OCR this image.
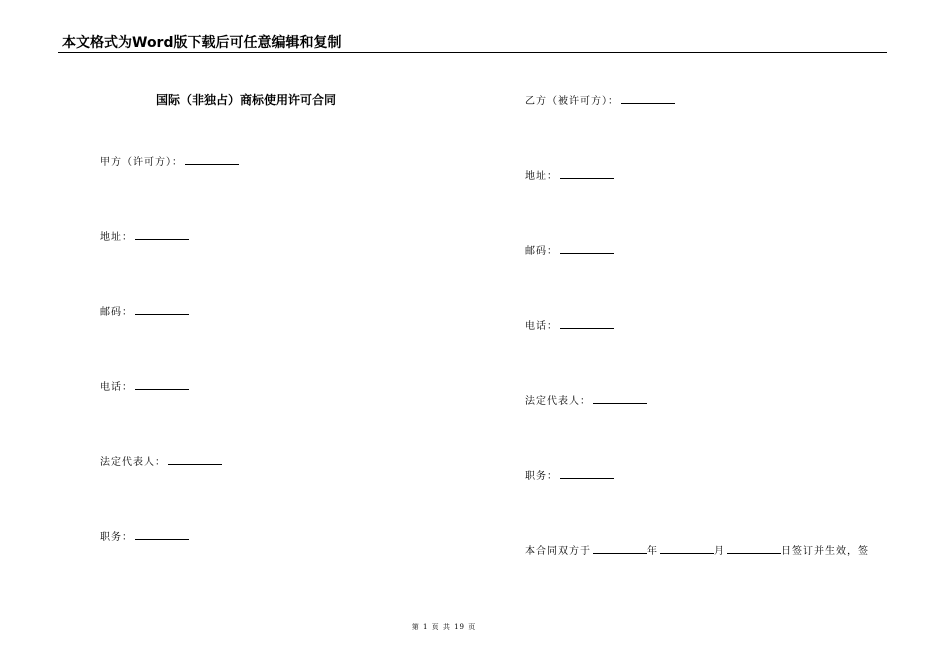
本文格式为Word版下载后可任意编辑和复制
国际（非独占）商标使用许可合同
甲方（许可方）：
地址：
邮码：
电话：
法定代表人：
职务：
乙方（被许可方）：
地址：
邮码：
电话：
法定代表人：
职务：
本合同双方于	年	月	日签订并生效，签
第 1 页 共 19 页
